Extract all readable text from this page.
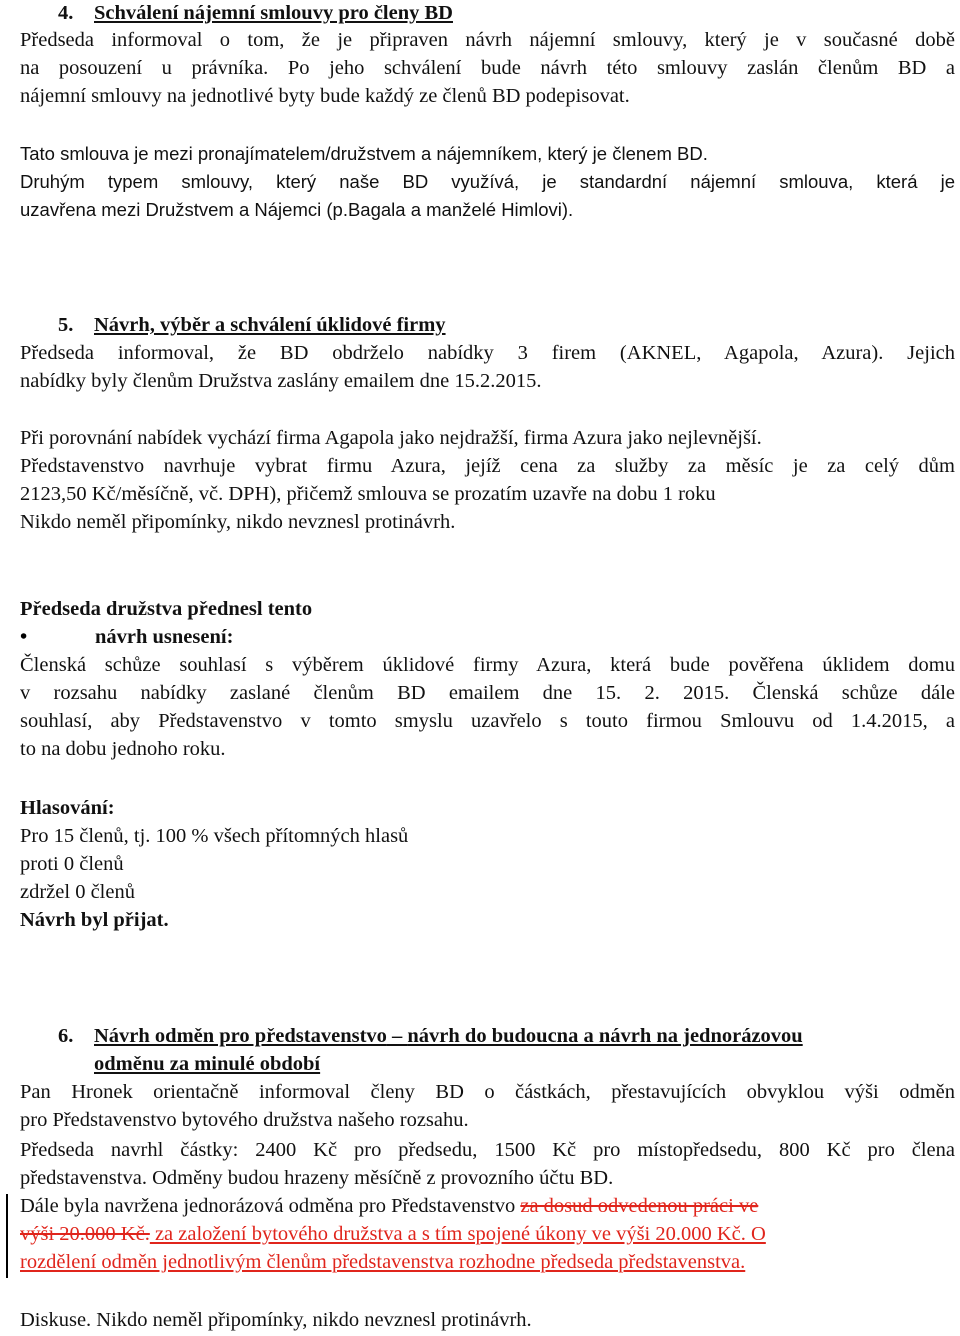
4. Schválení nájemní smlouvy pro členy BD
Předseda informoval o tom, že je připraven návrh nájemní smlouvy, který je v současné době
na posouzení u právníka. Po jeho schválení bude návrh této smlouvy zaslán členům BD a
nájemní smlouvy na jednotlivé byty bude každý ze členů BD podepisovat.
Tato smlouva je mezi pronajímatelem/družstvem a nájemníkem, který je členem BD.
Druhým typem smlouvy, který naše BD využívá, je standardní nájemní smlouva, která je
uzavřena mezi Družstvem a Nájemci (p.Bagala a manželé Himlovi).
5. Návrh, výběr a schválení úklidové firmy
Předseda informoval, že BD obdrželo nabídky 3 firem (AKNEL, Agapola, Azura). Jejich
nabídky byly členům Družstva zaslány emailem dne 15.2.2015.
Při porovnání nabídek vychází firma Agapola jako nejdražší, firma Azura jako nejlevnější.
Představenstvo navrhuje vybrat firmu Azura, jejíž cena za služby za měsíc je za celý dům
2123,50 Kč/měsíčně, vč. DPH), přičemž smlouva se prozatím uzavře na dobu 1 roku
Nikdo neměl připomínky, nikdo nevznesl protinávrh.
Předseda družstva přednesl tento
•	návrh usnesení:
Členská schůze souhlasí s výběrem úklidové firmy Azura, která bude pověřena úklidem domu
v rozsahu nabídky zaslané členům BD emailem dne 15. 2. 2015. Členská schůze dále
souhlasí, aby Představenstvo v tomto smyslu uzavřelo s touto firmou Smlouvu od 1.4.2015, a
to na dobu jednoho roku.
Hlasování:
Pro 15 členů, tj. 100 % všech přítomných hlasů
proti 0 členů
zdržel 0 členů
Návrh byl přijat.
6. Návrh odměn pro představenstvo – návrh do budoucna a návrh na jednorázovou
odměnu za minulé období
Pan Hronek orientačně informoval členy BD o částkách, přestavujících obvyklou výši odměn
pro Představenstvo bytového družstva našeho rozsahu.
Předseda navrhl částky: 2400 Kč pro předsedu, 1500 Kč pro místopředsedu, 800 Kč pro člena
představenstva. Odměny budou hrazeny měsíčně z provozního účtu BD.
Dále byla navržena jednorázová odměna pro Představenstvo za dosud odvedenou práci ve
výši 20.000 Kč. za založení bytového družstva a s tím spojené úkony ve výši 20.000 Kč. O
rozdělení odměn jednotlivým členům představenstva rozhodne předseda představenstva.
Diskuse. Nikdo neměl připomínky, nikdo nevznesl protinávrh.
